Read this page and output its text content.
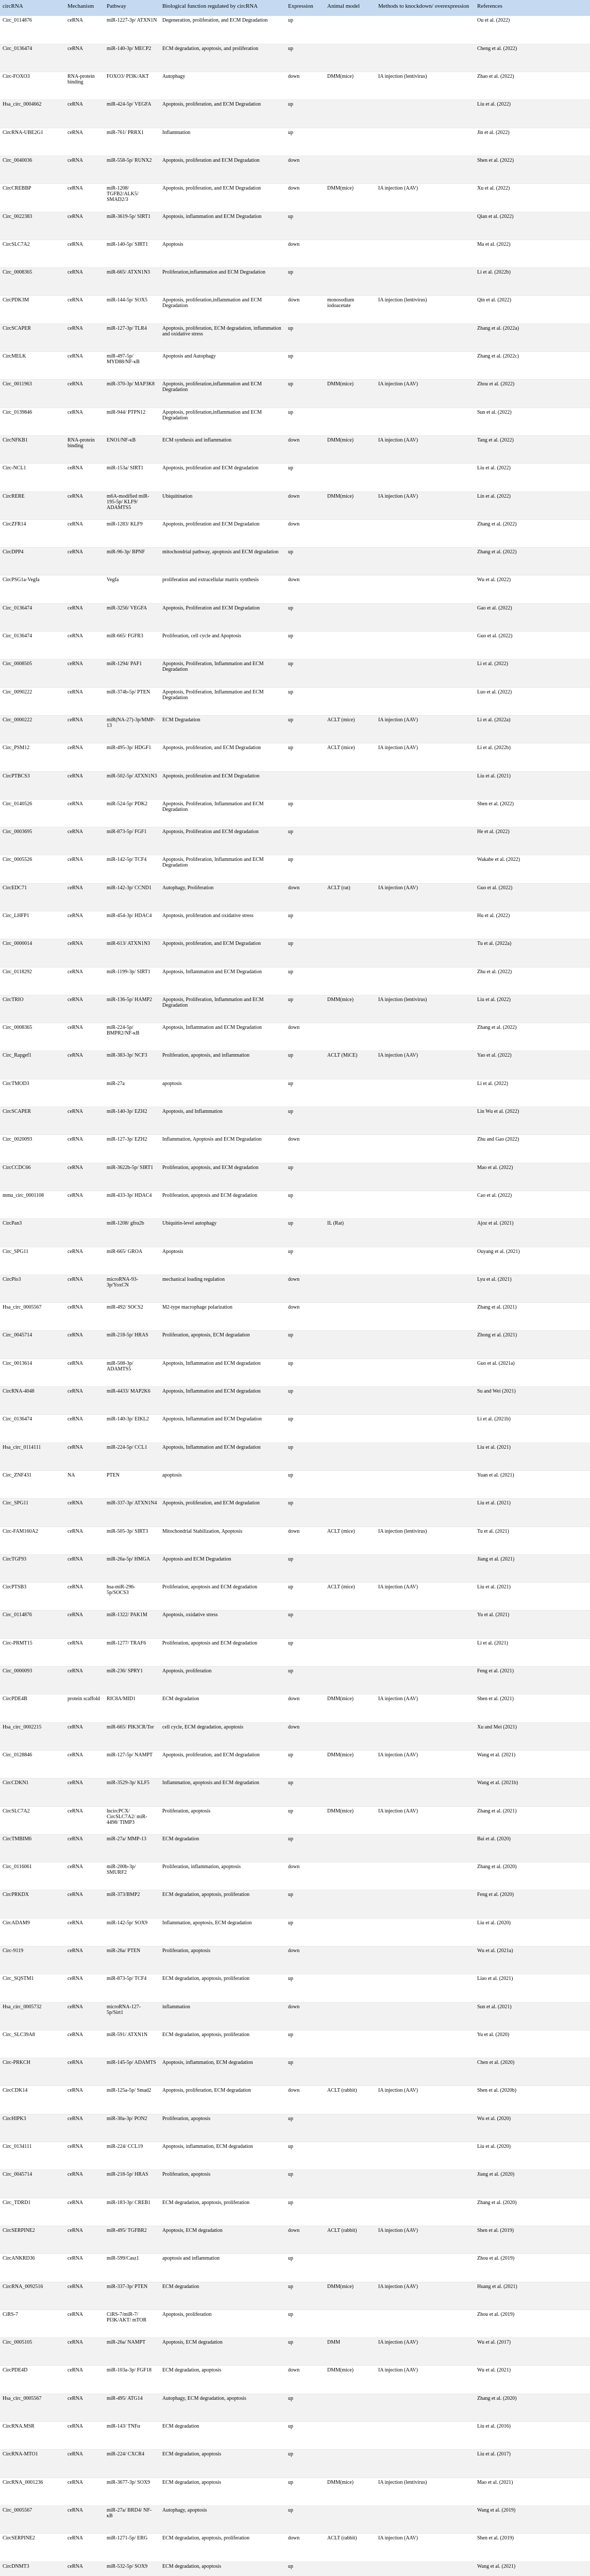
circRNA	Mechanism	Pathway	Biological function regulated by circRNA	Expression	Animal model	Methods to knockdown/ overexpression	References
Circ_0114876	ceRNA	miR-1227-3p/ ATXN1N	Degeneration, proliferation, and ECM Degradation	up			Ou et al. (2022)
Circ_0136474	ceRNA	miR-140-3p/ MECP2	ECM degradation, apoptosis, and proliferation	up			Cheng et al. (2022)
Circ-FOXO3	RNA-protein binding	FOXO3/ PI3K/AKT	Autophagy	down	DMM(mice)	IA injection (lentivirus)	Zhao et al. (2022)
Hsa_circ_0004662	ceRNA	miR-424-5p/ VEGFA	Apoptosis, proliferation, and ECM Degradation	up			Liu et al. (2022)
CircRNA-UBE2G1	ceRNA	miR-761/ PRRX1	Inflammation	up			Jin et al. (2022)
Circ_0040036	ceRNA	miR-558-5p/ RUNX2	Apoptosis, proliferation and ECM Degradation	down			Shen et al. (2022)
CircCREBBP	ceRNA	miR-1208/ TGFB2/ALK5/ SMAD2/3	Apoptosis, proliferation, and ECM Degradation	down	DMM(mice)	IA injection (AAV)	Xu et al. (2022)
Circ_0022383	ceRNA	miR-3619-5p/ SIRT1	Apoptosis, inflammation and ECM Degradation	up			Qian et al. (2022)
CircSLC7A2	ceRNA	miR-140-5p/ SIRT1	Apoptosis	down			Ma et al. (2022)
Circ_0008365	ceRNA	miR-665/ ATXN1N3	Proliferation,inflammation and ECM Degradation	up			Li et al. (2022b)
CircPDK3M	ceRNA	miR-144-5p/ SOX5	Apoptosis, proliferation,inflammation and ECM Degradation	down	monosodium iodoacetate	IA injection (lentivirus)	Qin et al. (2022)
CircSCAPER	ceRNA	miR-127-3p/ TLR4	Apoptosis, proliferation, ECM degradation, inflammation and oxidative stress	up			Zhang et al. (2022a)
CircMELK	ceRNA	miR-497-5p/ MYD88/NF-κB	Apoptosis and Autophagy	up			Zhang et al. (2022c)
Circ_0011963	ceRNA	miR-370-3p/ MAP3K8	Apoptosis, proliferation,inflammation and ECM Degradation	up	DMM(mice)	IA injection (AAV)	Zhou et al. (2022)
Circ_0139846	ceRNA	miR-944/ PTPN12	Apoptosis, proliferation,inflammation and ECM Degradation	up			Sun et al. (2022)
CircNFKB1	RNA-protein binding	ENO1/NF-κB	ECM synthesis and inflammation	down	DMM(mice)	IA injection (AAV)	Tang et al. (2022)
Circ-NCL1	ceRNA	miR-153a/ SIRT1	Apoptosis, proliferation and ECM degradation	up			Liu et al. (2022)
CircRERE	ceRNA	m6A-modified miR-195-5p/ KLF9/ ADAMTS5	Ubiquitination	down	DMM(mice)	IA injection (AAV)	Lin et al. (2022)
CircZFR14	ceRNA	miR-1283/ KLF9	Apoptosis, proliferation and ECM Degradation	down			Zhang et al. (2022)
CircDPP4	ceRNA	miR-96-3p/ BPNF	mitochondrial pathway, apoptosis and ECM degradation	up			Zhang et al. (2022)
CircPSG1a-Vegfa		Vegfa	proliferation and extracellular matrix synthesis	down			Wu et al. (2022)
Circ_0136474	ceRNA	miR-3256/ VEGFA	Apoptosis, Proliferation and ECM Degradation	up			Gao et al. (2022)
Circ_0136474	ceRNA	miR-665/ FGFR3	Proliferation, cell cycle and Apoptosis	up			Guo et al. (2022)
Circ_0008505	ceRNA	miR-1294/ PAF1	Apoptosis, Proliferation, Inflammation and ECM Degradation	up			Li et al. (2022)
Circ_0090222	ceRNA	miR-374b-5p/ PTEN	Apoptosis, Proliferation, Inflammation and ECM Degradation	up			Luo et al. (2022)
Circ_0000222	ceRNA	miR(NA-27)-3p/MMP-13	ECM Degradation	up	ACLT (mice)	IA injection (AAV)	Li et al. (2022a)
Circ_PSM12	ceRNA	miR-495-3p/ HDGF1	Apoptosis, proliferation, and ECM Degradation	up	ACLT (mice)	IA injection (AAV)	Li et al. (2022b)
CircPTBCS3	ceRNA	miR-502-5p/ ATXN1N3	Apoptosis, proliferation and ECM Degradation				Liu et al. (2021)
Circ_0140526	ceRNA	miR-524-5p/ PDK2	Apoptosis, Proliferation, Inflammation and ECM Degradation	up			Shen et al. (2022)
Circ_0003695	ceRNA	miR-873-5p/ FGF1	Apoptosis, Proliferation and ECM degradation	up			He et al. (2022)
Circ_0005526	ceRNA	miR-142-5p/ TCF4	Apoptosis, Proliferation, Inflammation and ECM Degradation	up			Wakabe et al. (2022)
CircEDC71	ceRNA	miR-142-3p/ CCND1	Autophagy, Proliferation	down	ACLT (rat)	IA injection (AAV)	Guo et al. (2022)
Circ_LHFP1	ceRNA	miR-454-3p/ HDAC4	Apoptosis, proliferation and oxidative stress	up			Hu et al. (2022)
Circ_0000014	ceRNA	miR-613/ ATXN1N3	Apoptosis, proliferation, and ECM Degradation	up			Tu et al. (2022a)
Circ_0118292	ceRNA	miR-1199-3p/ SIRT1	Apoptosis, Inflammation and ECM Degradation	up			Zhu et al. (2022)
CircTRIO	ceRNA	miR-136-5p/ HAMP2	Apoptosis, Proliferation, Inflammation and ECM Degradation	up	DMM(mice)	IA injection (lentivirus)	Liu et al. (2022)
Circ_0008365	ceRNA	miR-224-5p/ BMPR2/NF-κB	Apoptosis, Inflammation and ECM Degradation	down			Zhang et al. (2022)
Circ_Rapgef1	ceRNA	miR-383-3p/ NCF3	Proliferation, apoptosis, and inflammation	up	ACLT (MiCE)	IA injection (AAV)	Yao et al. (2022)
CircTMOD3		miR-27a	apoptosis	up			Li et al. (2022)
CircSCAPER	ceRNA	miR-140-3p/ EZH2	Apoptosis, and Inflammation	up			Lin Wu et al. (2022)
Circ_0020093	ceRNA	miR-127-3p/ EZH2	Inflammation, Apoptosis and ECM Degradation	down			Zhu and Gao (2022)
CircCCDC66	ceRNA	miR-3622b-5p/ SIRT1	Proliferation, apoptosis, and ECM degradation	up			Mao et al. (2022)
mmu_circ_0001108	ceRNA	miR-433-3p/ HDAC4	Proliferation, apoptosis and ECM degradation	up			Cao et al. (2022)
CircPan3		miR-1208/ gfrα2b	Ubiquitin-level autophagy	up	IL (Rat)		Ajoz et al. (2021)
Circ_SPG11	ceRNA	miR-665/ GROA	Apoptosis	up			Ouyang et al. (2021)
CircPlo3	ceRNA	microRNA-93-3p/YoxCN	mechanical loading regulation	down			Lyu et al. (2021)
Hsa_circ_0005567	ceRNA	miR-492/ SOCS2	M2-type macrophage polarization	down			Zhang et al. (2021)
Circ_0045714	ceRNA	miR-218-5p/ HRAS	Proliferation, apoptosis, ECM degradation	up			Zhong et al. (2021)
Circ_0013614	ceRNA	miR-508-3p/ ADAMTS5	Apoptosis, Inflammation and ECM degradation	up			Guo et al. (2021a)
CircRNA-4048	ceRNA	miR-4433/ MAP2K6	Apoptosis, Inflammation and ECM degradation	up			Su and Wei (2021)
Circ_0136474	ceRNA	miR-140-3p/ EIKL2	Apoptosis, Inflammation and ECM Degradation	up			Li et al. (2021b)
Hsa_circ_0114111	ceRNA	miR-224-5p/ CCL1	Apoptosis, Inflammation and ECM degradation	up			Liu et al. (2021)
Circ_ZNF431	NA	PTEN	apoptosis	up			Yuan et al. (2021)
Circ_SPG11	ceRNA	miR-337-3p/ ATXN1N4	Apoptosis, proliferation, and ECM degradation	up			Liu et al. (2021)
Circ-FAM160A2	ceRNA	miR-505-3p/ SIRT3	Mitochondrial Stabilization, Apoptosis	down	ACLT (mice)	IA injection (lentivirus)	Tu et al. (2021)
CircTGF93	ceRNA	miR-26a-5p/ HMGA	Apoptosis and ECM Degradation	up			Jiang et al. (2021)
CircPTSB3	ceRNA	hsa-miR-296-5p/SOCS3	Proliferation, apoptosis and ECM degradation	up	ACLT (mice)	IA injection (AAV)	Liu et al. (2021)
Circ_0114876	ceRNA	miR-1322/ PAK1M	Apoptosis, oxidative stress	up			Yu et al. (2021)
Circ-PRMT15	ceRNA	miR-1277/ TRAF6	Proliferation, apoptosis and ECM degradation	up			Li et al. (2021)
Circ_0000093	ceRNA	miR-236/ SPRY1	Apoptosis, proliferation	up			Feng et al. (2021)
CircPDE4B	protein scaffold	RIC8A/MID1	ECM degradation	down	DMM(mice)	IA injection (AAV)	Shen et al. (2021)
Hsa_circ_0002215	ceRNA	miR-665/ PIK3CR/Tor	cell cycle, ECM degradation, apoptosis	down			Xu and Mei (2021)
Circ_0128846	ceRNA	miR-127-5p/ NAMPT	Apoptosis, proliferation, and ECM degradation	up	DMM(mice)	IA injection (AAV)	Wang et al. (2021)
CircCDKN1	ceRNA	miR-3529-3p/ KLF5	Inflammation, apoptosis and ECM degradation	up			Wang et al. (2021b)
CircSLC7A2	ceRNA	lncircPCX/ CircSLC7A2/ miR-4498/ TIMP3	Proliferation, apoptosis	up	DMM(mice)	IA injection (AAV)	Zhang et al. (2021)
CircTMBIM6	ceRNA	miR-27a/ MMP-13	ECM degradation	up			Bai et al. (2020)
Circ_0116061	ceRNA	miR-200b-3p/ SMURF2	Proliferation, inflammation, apoptosis	down			Zhang et al. (2020)
CircPRKDX	ceRNA	miR-373/BMP2	ECM degradation, apoptosis, proliferation	up			Feng et al. (2020)
CircADAM9	ceRNA	miR-142-5p/ SOX9	Inflammation, apoptosis, ECM degradation	up			Liu et al. (2020)
Circ-9119	ceRNA	miR-26a/ PTEN	Proliferation, apoptosis	down			Wu et al. (2021a)
Circ_SQSTM1	ceRNA	miR-873-5p/ TCF4	ECM degradation, apoptosis, proliferation	up			Liao et al. (2021)
Hsa_circ_0005732	ceRNA	microRNA-127-5p/Sirt1	inflammation	down			Sun et al. (2021)
Circ_SLC39A8	ceRNA	miR-591/ ATXN1N	ECM degradation, apoptosis, proliferation	up			Yu et al. (2020)
Circ-PRKCH	ceRNA	miR-145-5p/ ADAMTS	Apoptosis, inflammation, ECM degradation	up			Chen et al. (2020)
CircCDK14	ceRNA	miR-125a-5p/ Smad2	Apoptosis, proliferation, ECM degradation	down	ACLT (rabbit)	IA injection (AAV)	Shen et al. (2020b)
CircHIPK3	ceRNA	miR-30a-3p/ PON2	Proliferation, apoptosis	up			Wu et al. (2020)
Circ_0134111	ceRNA	miR-224/ CCL19	Apoptosis, inflammation, ECM degradation	up			Liu et al. (2020)
Circ_0045714	ceRNA	miR-218-5p/ HRAS	Proliferation, apoptosis	up			Jiang et al. (2020)
Circ_TDRD1	ceRNA	miR-183-3p/ CREB1	ECM degradation, apoptosis, proliferation	up			Zhang et al. (2020)
CircSERPINE2	ceRNA	miR-495/ TGFBR2	Apoptosis, ECM degradation	down	ACLT (rabbit)	IA injection (AAV)	Shen et al. (2019)
CircANKRD36	ceRNA	miR-599/Casz1	apoptosis and inflammation	up			Zhou et al. (2019)
CircRNA_0092516	ceRNA	miR-337-3p/ PTEN	ECM degradation	up	DMM(mice)	IA injection (AAV)	Huang et al. (2021)
CiRS-7	ceRNA	CiRS-7/miR-7/ PI3K/AKT/ mTOR	Apoptosis, proliferation	up			Zhou et al. (2019)
Circ_0005105	ceRNA	miR-26a/ NAMPT	Apoptosis, ECM degradation	up	DMM	IA injection (AAV)	Wu et al. (2017)
CircPDE4D	ceRNA	miR-103a-3p/ FGF18	ECM degradation, apoptosis	down	DMM(mice)	IA injection (AAV)	Wu et al. (2021)
Hsa_circ_0005567	ceRNA	miR-495/ ATG14	Autophagy, ECM degradation, apoptosis	up			Zhang et al. (2020)
CircRNA.MSR	ceRNA	miR-143/ TNFα	ECM degradation	up			Liu et al. (2016)
CircRNA-MTO1	ceRNA	miR-224/ CXCR4	ECM degradation, apoptosis	up			Liu et al. (2017)
CircRNA_0001236	ceRNA	miR-3677-3p/ SOX9	ECM degradation, apoptosis	up	DMM(mice)	IA injection (lentivirus)	Mao et al. (2021)
Circ_0005567	ceRNA	miR-27a/ BRD4/ NF-κB	Autophagy, apoptosis	up			Wang et al. (2019)
CircSERPINE2	ceRNA	miR-1271-5p/ ERG	ECM degradation, apoptosis, proliferation	down	ACLT (rabbit)	IA injection (AAV)	Shen et al. (2019)
CircDNMT3	ceRNA	miR-532-5p/ SOX9	ECM degradation, apoptosis	up			Wang et al. (2021)
